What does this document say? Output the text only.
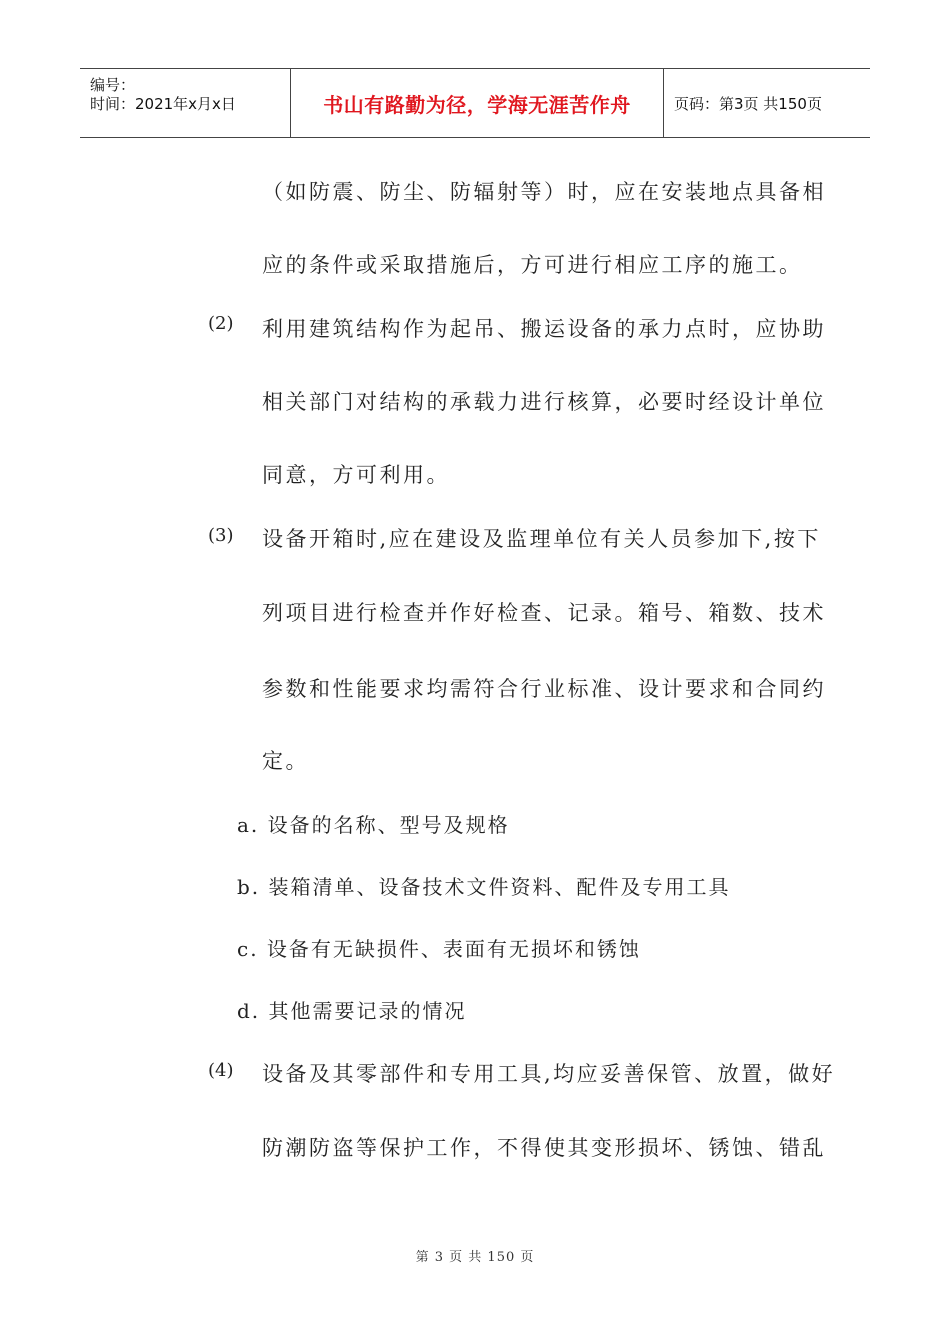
编号：
时间：2021年x月x日	书山有路勤为径，学海无涯苦作舟	页码：第3页 共150页
（如防震、防尘、防辐射等）时，应在安装地点具备相
应的条件或采取措施后，方可进行相应工序的施工。
(2) 利用建筑结构作为起吊、搬运设备的承力点时，应协助
相关部门对结构的承载力进行核算，必要时经设计单位
同意，方可利用。
(3) 设备开箱时,应在建设及监理单位有关人员参加下,按下
列项目进行检查并作好检查、记录。箱号、箱数、技术
参数和性能要求均需符合行业标准、设计要求和合同约
定。
a. 设备的名称、型号及规格
b. 装箱清单、设备技术文件资料、配件及专用工具
c. 设备有无缺损件、表面有无损坏和锈蚀
d. 其他需要记录的情况
(4) 设备及其零部件和专用工具,均应妥善保管、放置，做好
防潮防盗等保护工作，不得使其变形损坏、锈蚀、错乱
第 3 页 共 150 页
